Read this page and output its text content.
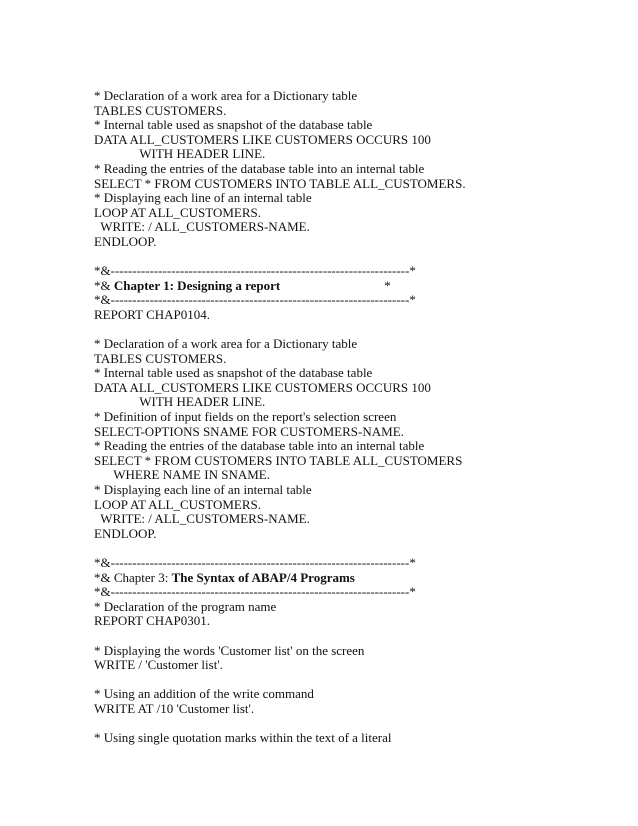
* Declaration of a work area for a Dictionary table
TABLES CUSTOMERS.
* Internal table used as snapshot of the database table
DATA ALL_CUSTOMERS LIKE CUSTOMERS OCCURS 100
WITH HEADER LINE.
* Reading the entries of the database table into an internal table
SELECT * FROM CUSTOMERS INTO TABLE ALL_CUSTOMERS.
* Displaying each line of an internal table
LOOP AT ALL_CUSTOMERS.
WRITE: / ALL_CUSTOMERS-NAME.
ENDLOOP.
*&---------------------------------------------------------------------*
*& Chapter 1: Designing a report                                *
*&---------------------------------------------------------------------*
REPORT CHAP0104.
* Declaration of a work area for a Dictionary table
TABLES CUSTOMERS.
* Internal table used as snapshot of the database table
DATA ALL_CUSTOMERS LIKE CUSTOMERS OCCURS 100
WITH HEADER LINE.
* Definition of input fields on the report's selection screen
SELECT-OPTIONS SNAME FOR CUSTOMERS-NAME.
* Reading the entries of the database table into an internal table
SELECT * FROM CUSTOMERS INTO TABLE ALL_CUSTOMERS
WHERE NAME IN SNAME.
* Displaying each line of an internal table
LOOP AT ALL_CUSTOMERS.
WRITE: / ALL_CUSTOMERS-NAME.
ENDLOOP.
*&---------------------------------------------------------------------*
*& Chapter 3: The Syntax of ABAP/4 Programs
*&---------------------------------------------------------------------*
* Declaration of the program name
REPORT CHAP0301.
* Displaying the words 'Customer list' on the screen
WRITE / 'Customer list'.
* Using an addition of the write command
WRITE AT /10 'Customer list'.
* Using single quotation marks within the text of a literal
